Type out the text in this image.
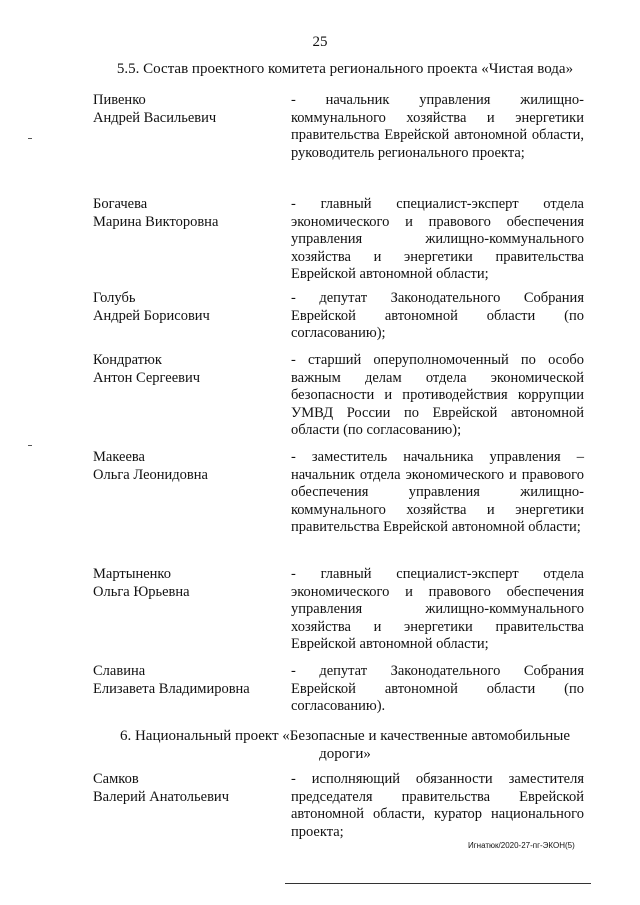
25
5.5. Состав проектного комитета регионального проекта «Чистая вода»
Пивенко
Андрей Васильевич
- начальник управления жилищно-коммунального хозяйства и энергетики правительства Еврейской автономной области, руководитель регионального проекта;
Богачева
Марина Викторовна
- главный специалист-эксперт отдела экономического и правового обеспечения управления жилищно-коммунального хозяйства и энергетики правительства Еврейской автономной области;
Голубь
Андрей Борисович
- депутат Законодательного Собрания Еврейской автономной области (по согласованию);
Кондратюк
Антон Сергеевич
- старший оперуполномоченный по особо важным делам отдела экономической безопасности и противодействия коррупции УМВД России по Еврейской автономной области (по согласованию);
Макеева
Ольга Леонидовна
- заместитель начальника управления – начальник отдела экономического и правового обеспечения управления жилищно-коммунального хозяйства и энергетики правительства Еврейской автономной области;
Мартыненко
Ольга Юрьевна
- главный специалист-эксперт отдела экономического и правового обеспечения управления жилищно-коммунального хозяйства и энергетики правительства Еврейской автономной области;
Славина
Елизавета Владимировна
- депутат Законодательного Собрания Еврейской автономной области (по согласованию).
6. Национальный проект «Безопасные и качественные автомобильные дороги»
Самков
Валерий Анатольевич
- исполняющий обязанности заместителя председателя правительства Еврейской автономной области, куратор национального проекта;
Игнатюк/2020-27-пг-ЭКОН(5)
